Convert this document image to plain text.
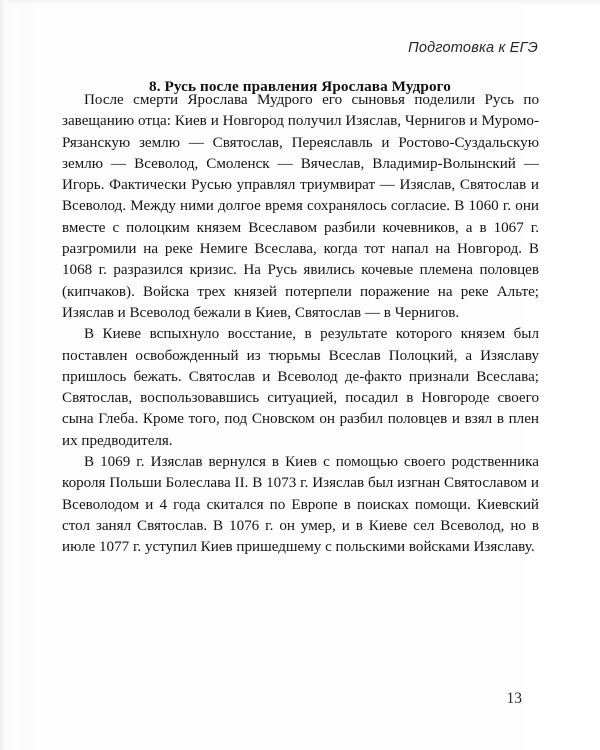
Подготовка к ЕГЭ
8. Русь после правления Ярослава Мудрого

После смерти Ярослава Мудрого его сыновья поделили Русь по завещанию отца: Киев и Новгород получил Изяслав, Чернигов и Муромо-Рязанскую землю — Святослав, Переяславль и Ростово-Суздальскую землю — Всеволод, Смоленск — Вячеслав, Владимир-Волынский — Игорь. Фактически Русью управлял триумвират — Изяслав, Святослав и Всеволод. Между ними долгое время сохранялось согласие. В 1060 г. они вместе с полоцким князем Всеславом разбили кочевников, а в 1067 г. разгромили на реке Немиге Всеслава, когда тот напал на Новгород. В 1068 г. разразился кризис. На Русь явились кочевые племена половцев (кипчаков). Войска трех князей потерпели поражение на реке Альте; Изяслав и Всеволод бежали в Киев, Святослав — в Чернигов.

В Киеве вспыхнуло восстание, в результате которого князем был поставлен освобожденный из тюрьмы Всеслав Полоцкий, а Изяславу пришлось бежать. Святослав и Всеволод де-факто признали Всеслава; Святослав, воспользовавшись ситуацией, посадил в Новгороде своего сына Глеба. Кроме того, под Сновском он разбил половцев и взял в плен их предводителя.

В 1069 г. Изяслав вернулся в Киев с помощью своего родственника короля Польши Болеслава II. В 1073 г. Изяслав был изгнан Святославом и Всеволодом и 4 года скитался по Европе в поисках помощи. Киевский стол занял Святослав. В 1076 г. он умер, и в Киеве сел Всеволод, но в июле 1077 г. уступил Киев пришедшему с польскими войсками Изяславу.

13
